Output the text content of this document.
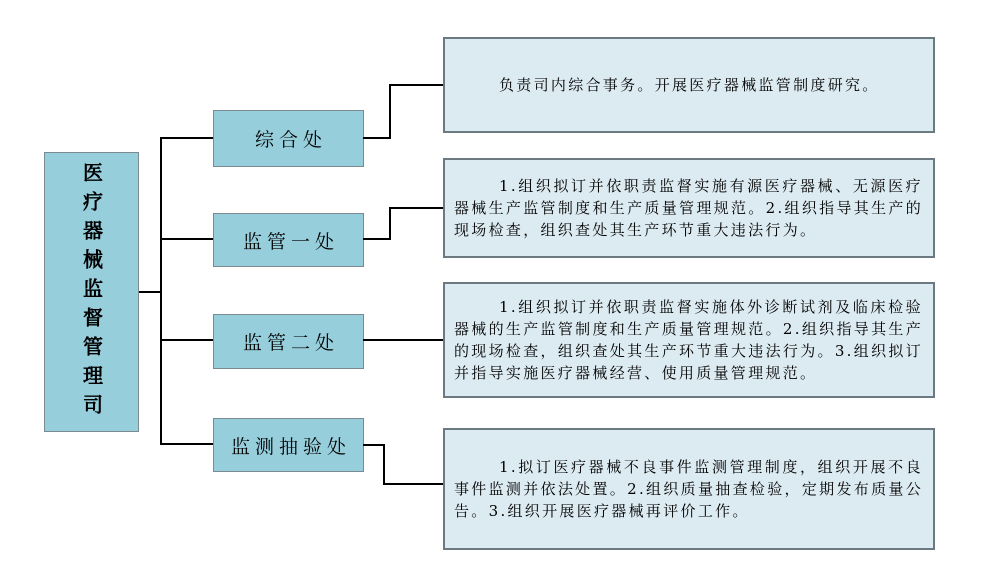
医疗器械监督管理司
综合处
监管一处
监管二处
监测抽验处

负责司内综合事务。开展医疗器械监管制度研究。

1.组织拟订并依职责监督实施有源医疗器械、无源医疗器械生产监管制度和生产质量管理规范。2.组织指导其生产的现场检查，组织查处其生产环节重大违法行为。

1.组织拟订并依职责监督实施体外诊断试剂及临床检验器械的生产监管制度和生产质量管理规范。2.组织指导其生产的现场检查，组织查处其生产环节重大违法行为。3.组织拟订并指导实施医疗器械经营、使用质量管理规范。

1.拟订医疗器械不良事件监测管理制度，组织开展不良事件监测并依法处置。2.组织质量抽查检验，定期发布质量公告。3.组织开展医疗器械再评价工作。
